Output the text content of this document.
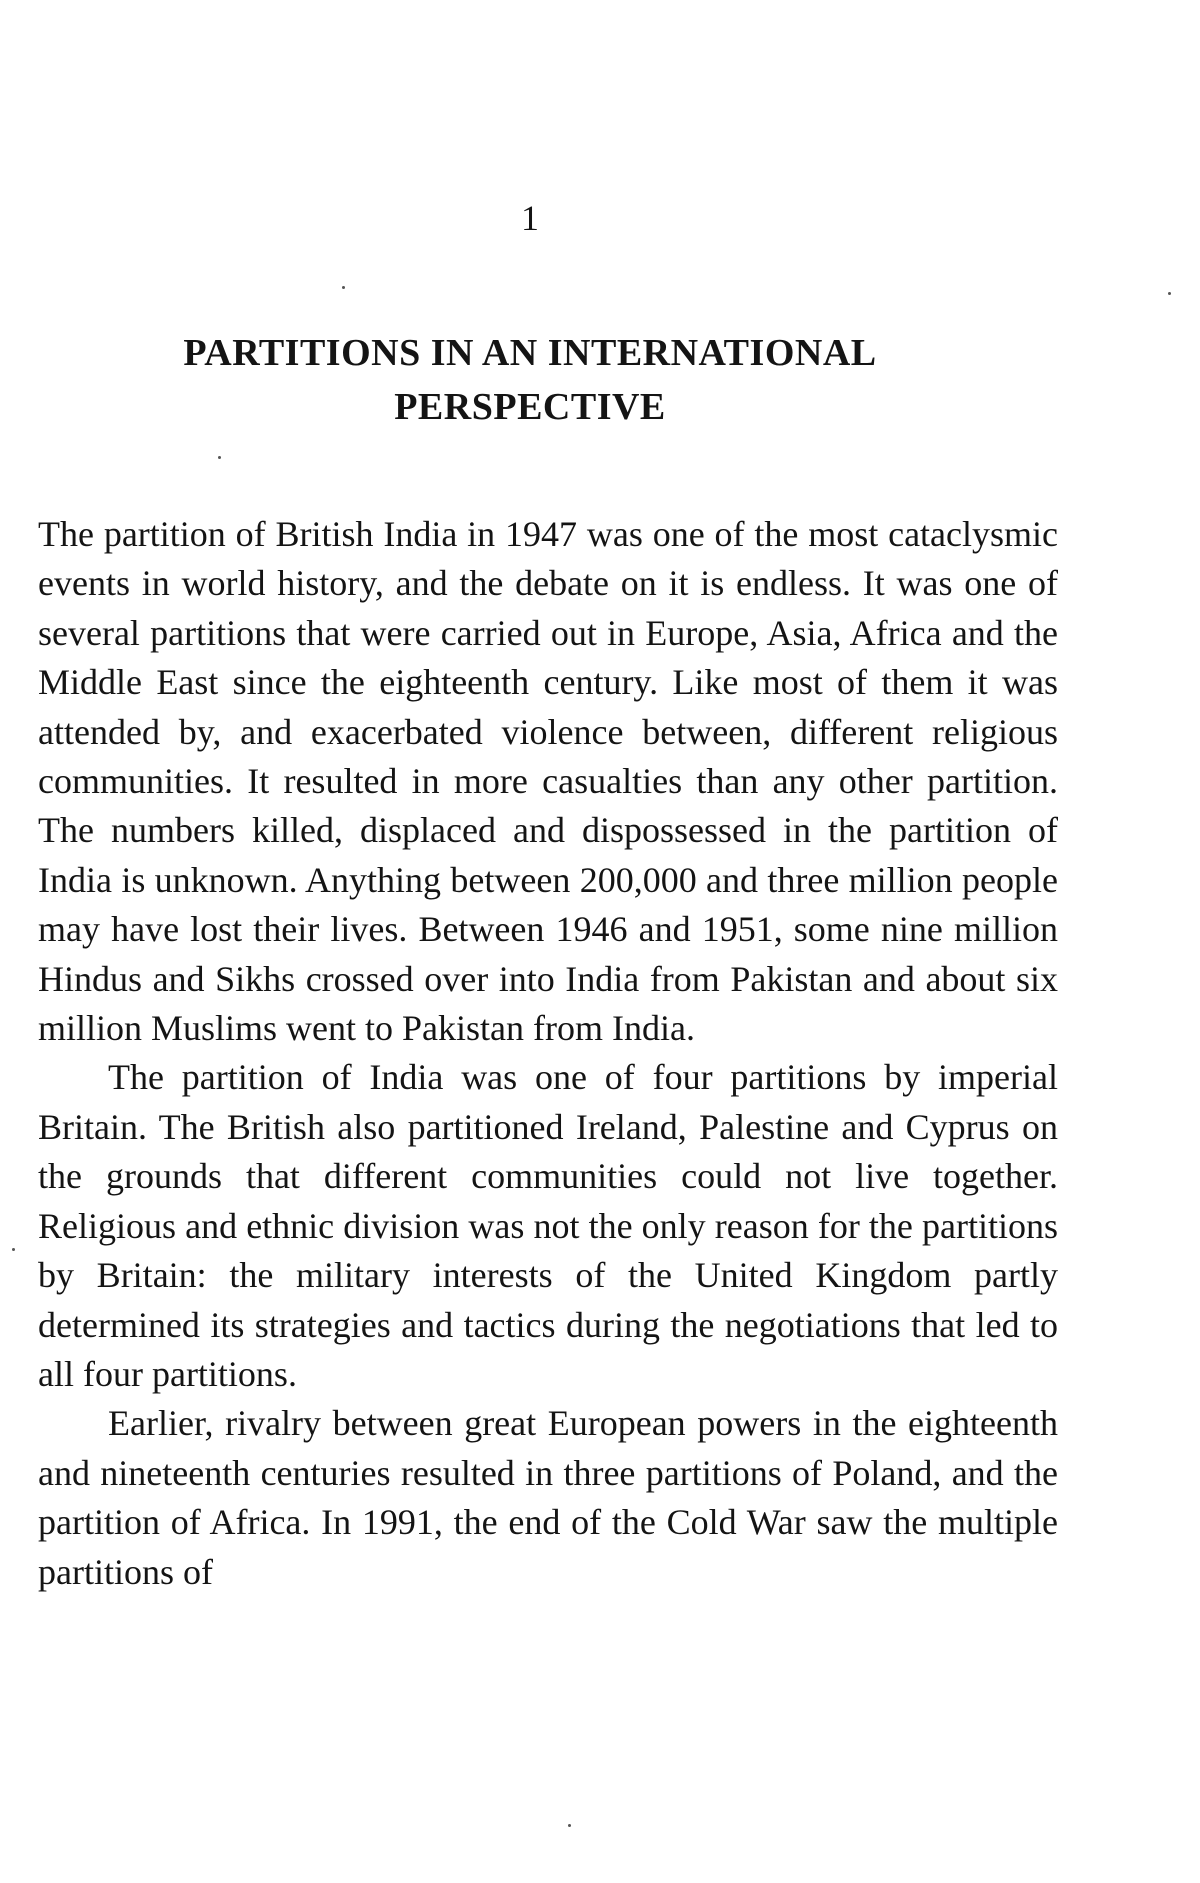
1
PARTITIONS IN AN INTERNATIONAL
PERSPECTIVE

The partition of British India in 1947 was one of the most cataclysmic events in world history, and the debate on it is endless. It was one of several partitions that were carried out in Europe, Asia, Africa and the Middle East since the eighteenth century. Like most of them it was attended by, and exacerbated violence between, different religious communities. It resulted in more casualties than any other partition. The numbers killed, displaced and dispossessed in the partition of India is unknown. Anything between 200,000 and three million people may have lost their lives. Between 1946 and 1951, some nine million Hindus and Sikhs crossed over into India from Pakistan and about six million Muslims went to Pakistan from India.

The partition of India was one of four partitions by imperial Britain. The British also partitioned Ireland, Palestine and Cyprus on the grounds that different communities could not live together. Religious and ethnic division was not the only reason for the partitions by Britain: the military interests of the United Kingdom partly determined its strategies and tactics during the negotiations that led to all four partitions.

Earlier, rivalry between great European powers in the eighteenth and nineteenth centuries resulted in three partitions of Poland, and the partition of Africa. In 1991, the end of the Cold War saw the multiple partitions of
